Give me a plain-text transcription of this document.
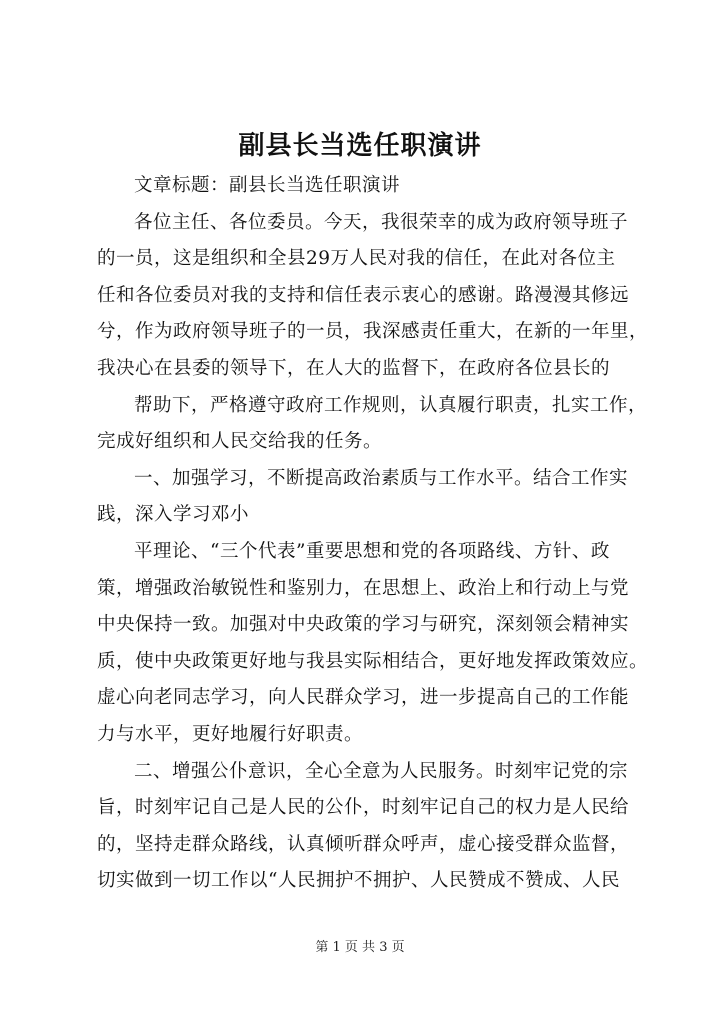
副县长当选任职演讲

文章标题：副县长当选任职演讲

各位主任、各位委员。今天，我很荣幸的成为政府领导班子
的一员，这是组织和全县29万人民对我的信任，在此对各位主
任和各位委员对我的支持和信任表示衷心的感谢。路漫漫其修远
兮，作为政府领导班子的一员，我深感责任重大，在新的一年里，
我决心在县委的领导下，在人大的监督下，在政府各位县长的

帮助下，严格遵守政府工作规则，认真履行职责，扎实工作，
完成好组织和人民交给我的任务。

一、加强学习，不断提高政治素质与工作水平。结合工作实
践，深入学习邓小

平理论、“三个代表”重要思想和党的各项路线、方针、政
策，增强政治敏锐性和鉴别力，在思想上、政治上和行动上与党
中央保持一致。加强对中央政策的学习与研究，深刻领会精神实
质，使中央政策更好地与我县实际相结合，更好地发挥政策效应。
虚心向老同志学习，向人民群众学习，进一步提高自己的工作能
力与水平，更好地履行好职责。

二、增强公仆意识，全心全意为人民服务。时刻牢记党的宗
旨，时刻牢记自己是人民的公仆，时刻牢记自己的权力是人民给
的，坚持走群众路线，认真倾听群众呼声，虚心接受群众监督，
切实做到一切工作以“人民拥护不拥护、人民赞成不赞成、人民

第 1 页 共 3 页
